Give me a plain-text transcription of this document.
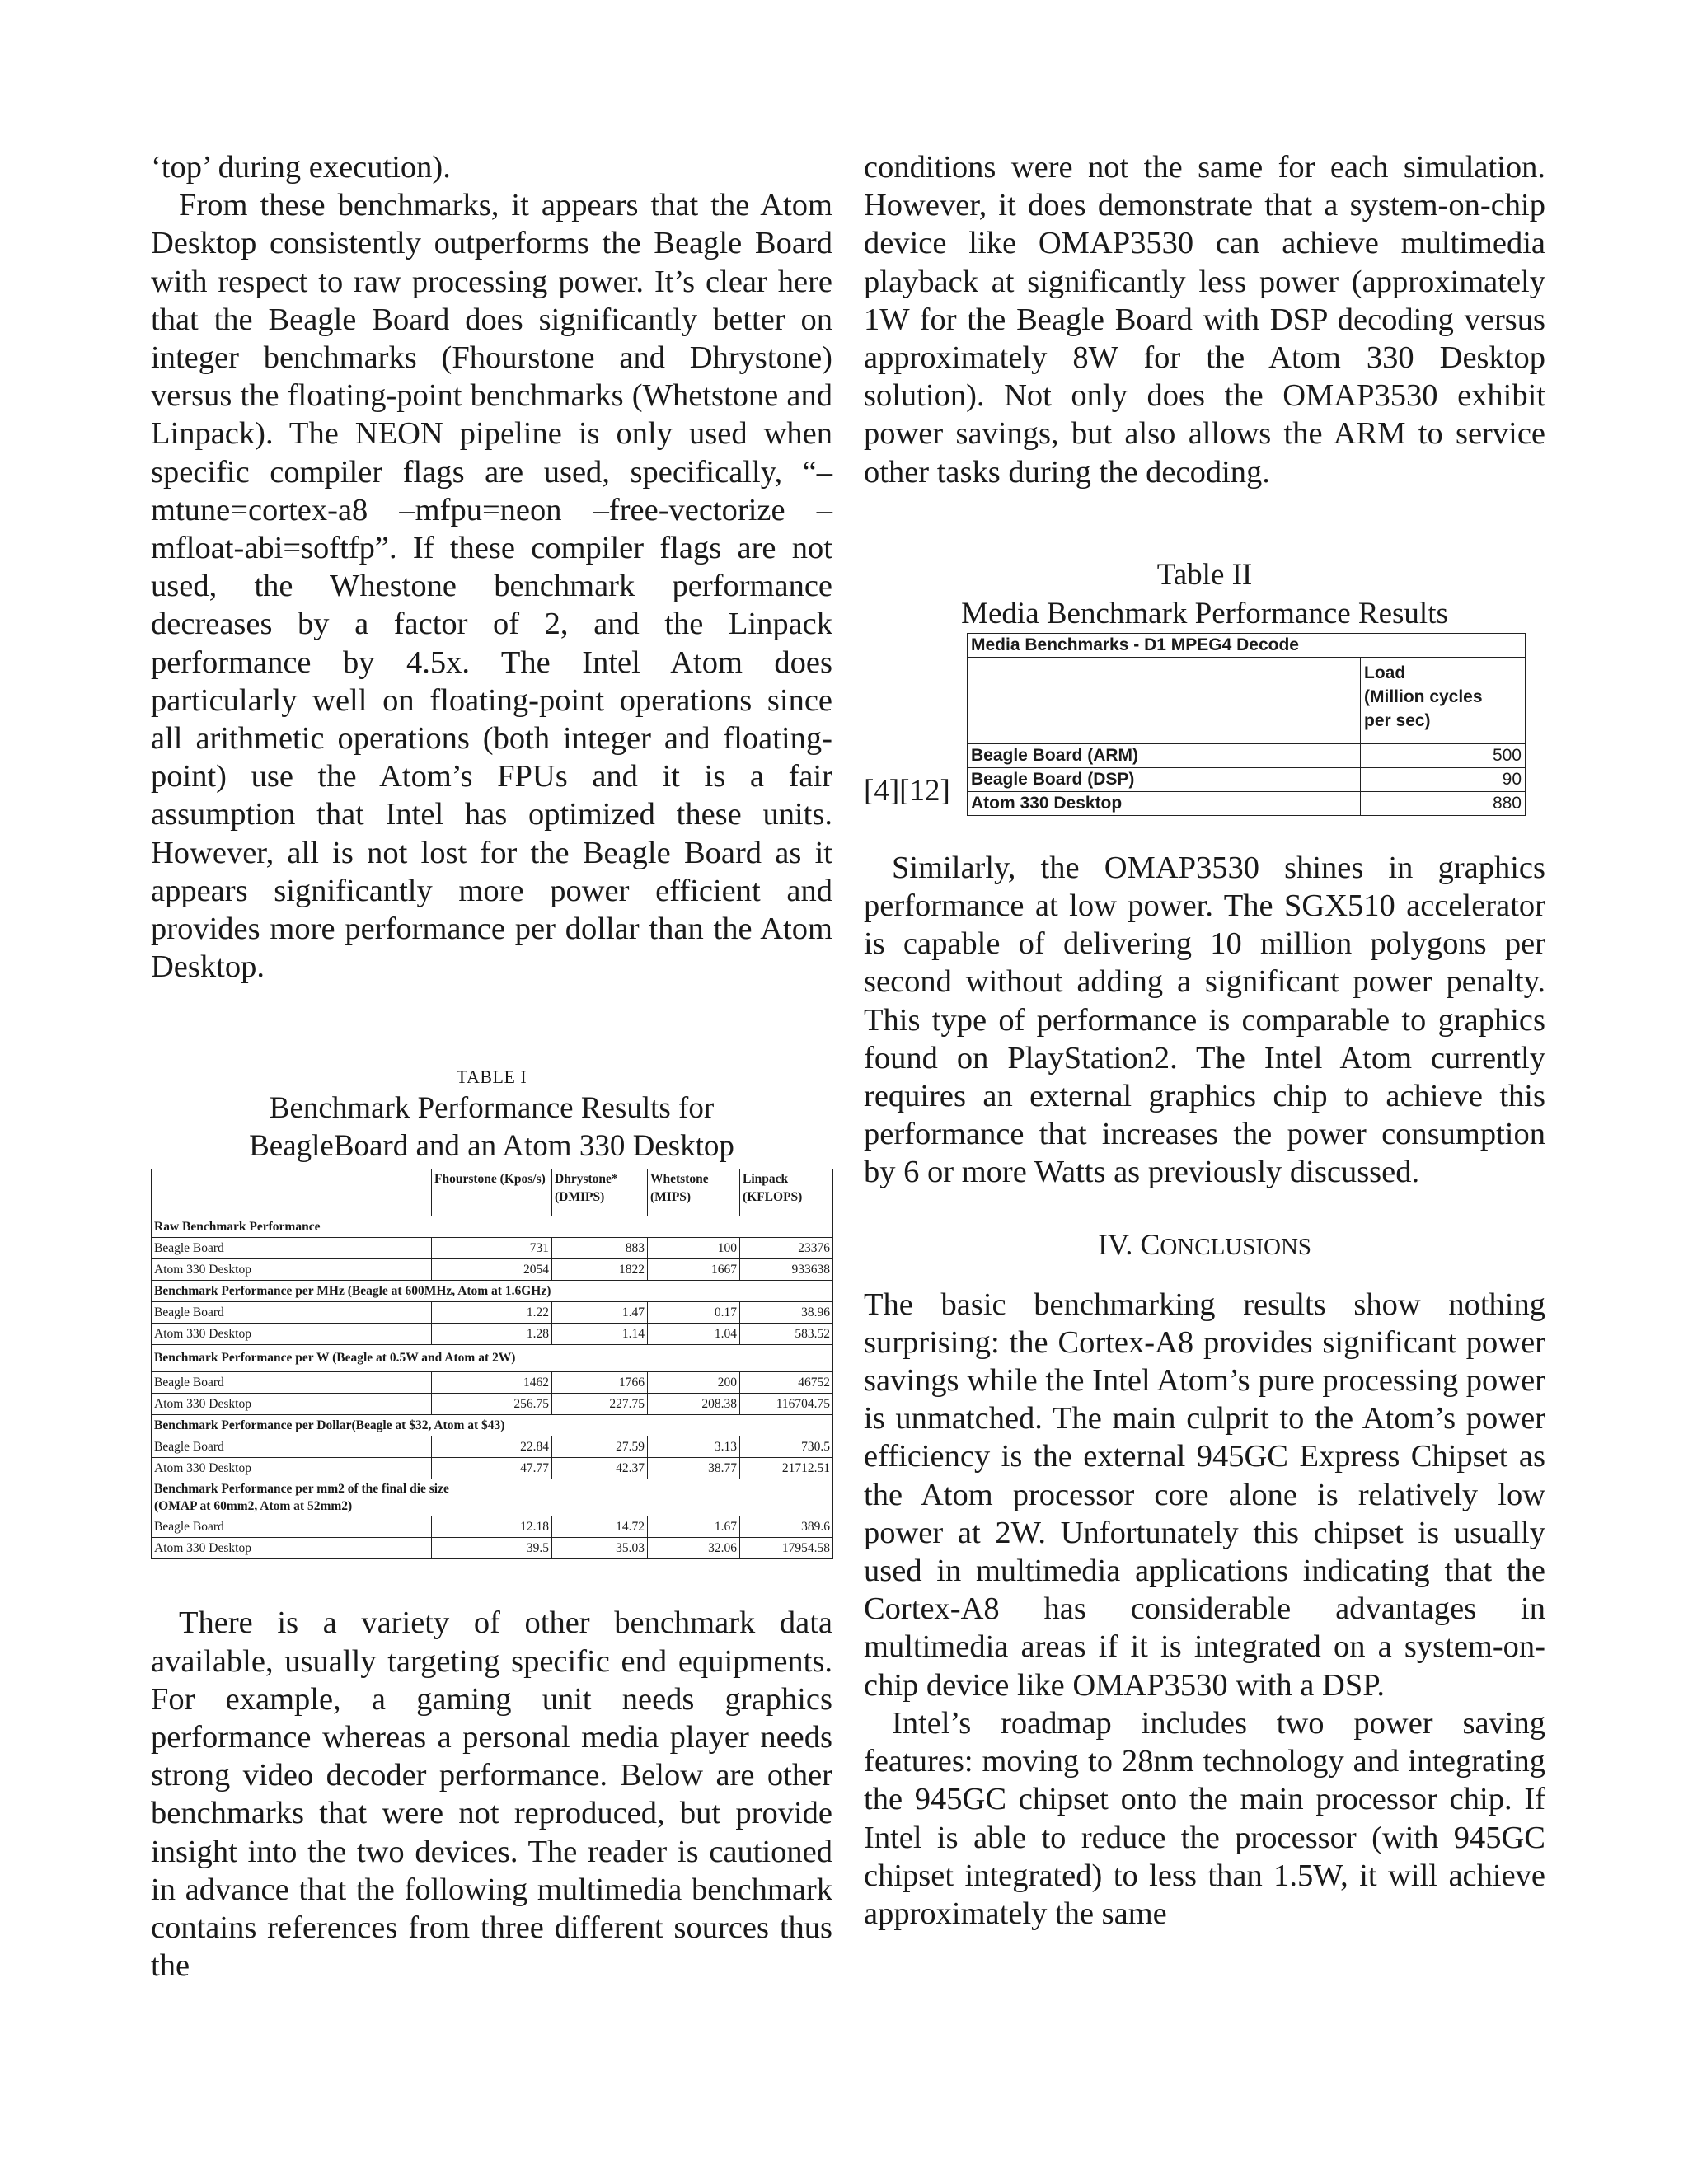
‘top’ during execution).

From these benchmarks, it appears that the Atom Desktop consistently outperforms the Beagle Board with respect to raw processing power. It’s clear here that the Beagle Board does significantly better on integer benchmarks (Fhourstone and Dhrystone) versus the floating-point benchmarks (Whetstone and Linpack). The NEON pipeline is only used when specific compiler flags are used, specifically, “–mtune=cortex-a8 –mfpu=neon –free-vectorize –mfloat-abi=softfp”. If these compiler flags are not used, the Whestone benchmark performance decreases by a factor of 2, and the Linpack performance by 4.5x. The Intel Atom does particularly well on floating-point operations since all arithmetic operations (both integer and floating-point) use the Atom’s FPUs and it is a fair assumption that Intel has optimized these units. However, all is not lost for the Beagle Board as it appears significantly more power efficient and provides more performance per dollar than the Atom Desktop.

TABLE I
Benchmark Performance Results for
BeagleBoard and an Atom 330 Desktop
	Fhourstone (Kpos/s)	Dhrystone* (DMIPS)	Whetstone (MIPS)	Linpack (KFLOPS)
Raw Benchmark Performance				
Beagle Board	731	883	100	23376
Atom 330 Desktop	2054	1822	1667	933638
Benchmark Performance per MHz (Beagle at 600MHz, Atom at 1.6GHz)				
Beagle Board	1.22	1.47	0.17	38.96
Atom 330 Desktop	1.28	1.14	1.04	583.52
Benchmark Performance per W (Beagle at 0.5W and Atom at 2W)				
Beagle Board	1462	1766	200	46752
Atom 330 Desktop	256.75	227.75	208.38	116704.75
Benchmark Performance per Dollar(Beagle at $32, Atom at $43)				
Beagle Board	22.84	27.59	3.13	730.5
Atom 330 Desktop	47.77	42.37	38.77	21712.51

Benchmark Performance per mm2 of the final die size
(OMAP at 60mm2, Atom at 52mm2)				

Beagle Board	12.18	14.72	1.67	389.6
Atom 330 Desktop	39.5	35.03	32.06	17954.58

There is a variety of other benchmark data available, usually targeting specific end equipments. For example, a gaming unit needs graphics performance whereas a personal media player needs strong video decoder performance. Below are other benchmarks that were not reproduced, but provide insight into the two devices. The reader is cautioned in advance that the following multimedia benchmark contains references from three different sources thus the

conditions were not the same for each simulation. However, it does demonstrate that a system-on-chip device like OMAP3530 can achieve multimedia playback at significantly less power (approximately 1W for the Beagle Board with DSP decoding versus approximately 8W for the Atom 330 Desktop solution). Not only does the OMAP3530 exhibit power savings, but also allows the ARM to service other tasks during the decoding.

Table II
Media Benchmark Performance Results
[4][12]
Media Benchmarks - D1 MPEG4 Decode	

	Load
(Million cycles
per sec)

Beagle Board (ARM)	500
Beagle Board (DSP)	90
Atom 330 Desktop	880

Similarly, the OMAP3530 shines in graphics performance at low power. The SGX510 accelerator is capable of delivering 10 million polygons per second without adding a significant power penalty. This type of performance is comparable to graphics found on PlayStation2. The Intel Atom currently requires an external graphics chip to achieve this performance that increases the power consumption by 6 or more Watts as previously discussed.

IV. CONCLUSIONS

The basic benchmarking results show nothing surprising: the Cortex-A8 provides significant power savings while the Intel Atom’s pure processing power is unmatched. The main culprit to the Atom’s power efficiency is the external 945GC Express Chipset as the Atom processor core alone is relatively low power at 2W. Unfortunately this chipset is usually used in multimedia applications indicating that the Cortex-A8 has considerable advantages in multimedia areas if it is integrated on a system-on-chip device like OMAP3530 with a DSP.

Intel’s roadmap includes two power saving features: moving to 28nm technology and integrating the 945GC chipset onto the main processor chip. If Intel is able to reduce the processor (with 945GC chipset integrated) to less than 1.5W, it will achieve approximately the same
